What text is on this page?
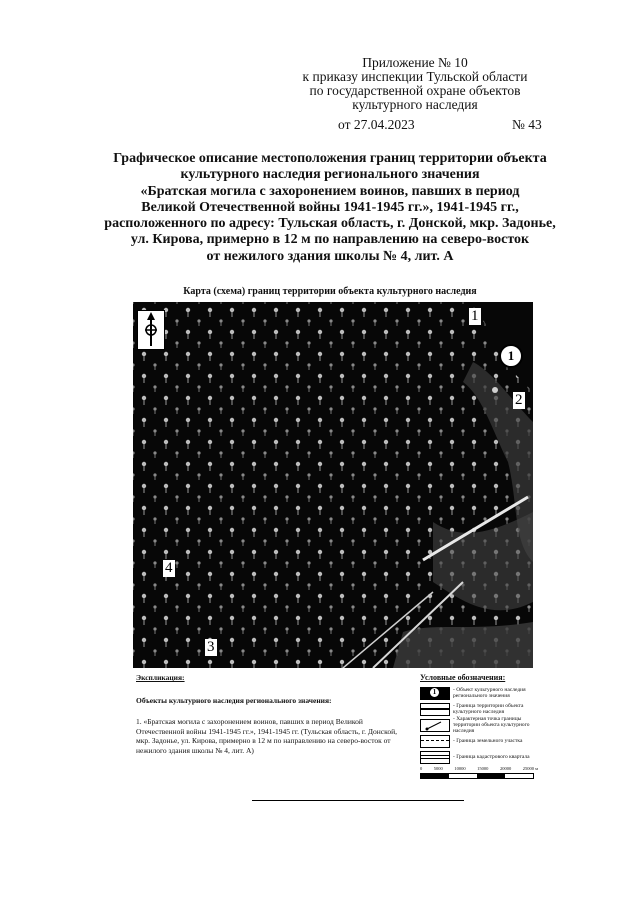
Приложение № 10
к приказу инспекции Тульской области
по государственной охране объектов
культурного наследия
от 27.04.2023	№ 43
Графическое описание местоположения границ территории объекта
культурного наследия регионального значения
«Братская могила с захоронением воинов, павших в период
Великой Отечественной войны 1941-1945 гг.», 1941-1945 гг.,
расположенного по адресу: Тульская область, г. Донской, мкр. Задонье,
ул. Кирова, примерно в 12 м по направлению на северо-восток
от нежилого здания школы № 4, лит. А
Карта (схема) границ территории объекта культурного наследия
1
1
2
3
4
Экспликация:
Объекты культурного наследия регионального значения:
1. «Братская могила с захоронением воинов, павших в период Великой Отечественной войны 1941-1945 гг.», 1941-1945 гг. (Тульская область, г. Донской, мкр. Задонье, ул. Кирова, примерно в 12 м по направлению на северо-восток от нежилого здания школы № 4, лит. А)
Условные обозначения:
1	- Объект культурного наследия регионального значения
- Граница территории объекта культурного наследия
- Характерная точка границы территории объекта культурного наследия
- Граница земельного участка
- Граница кадастрового квартала
0	5000	10000	15000	20000	25000 м
